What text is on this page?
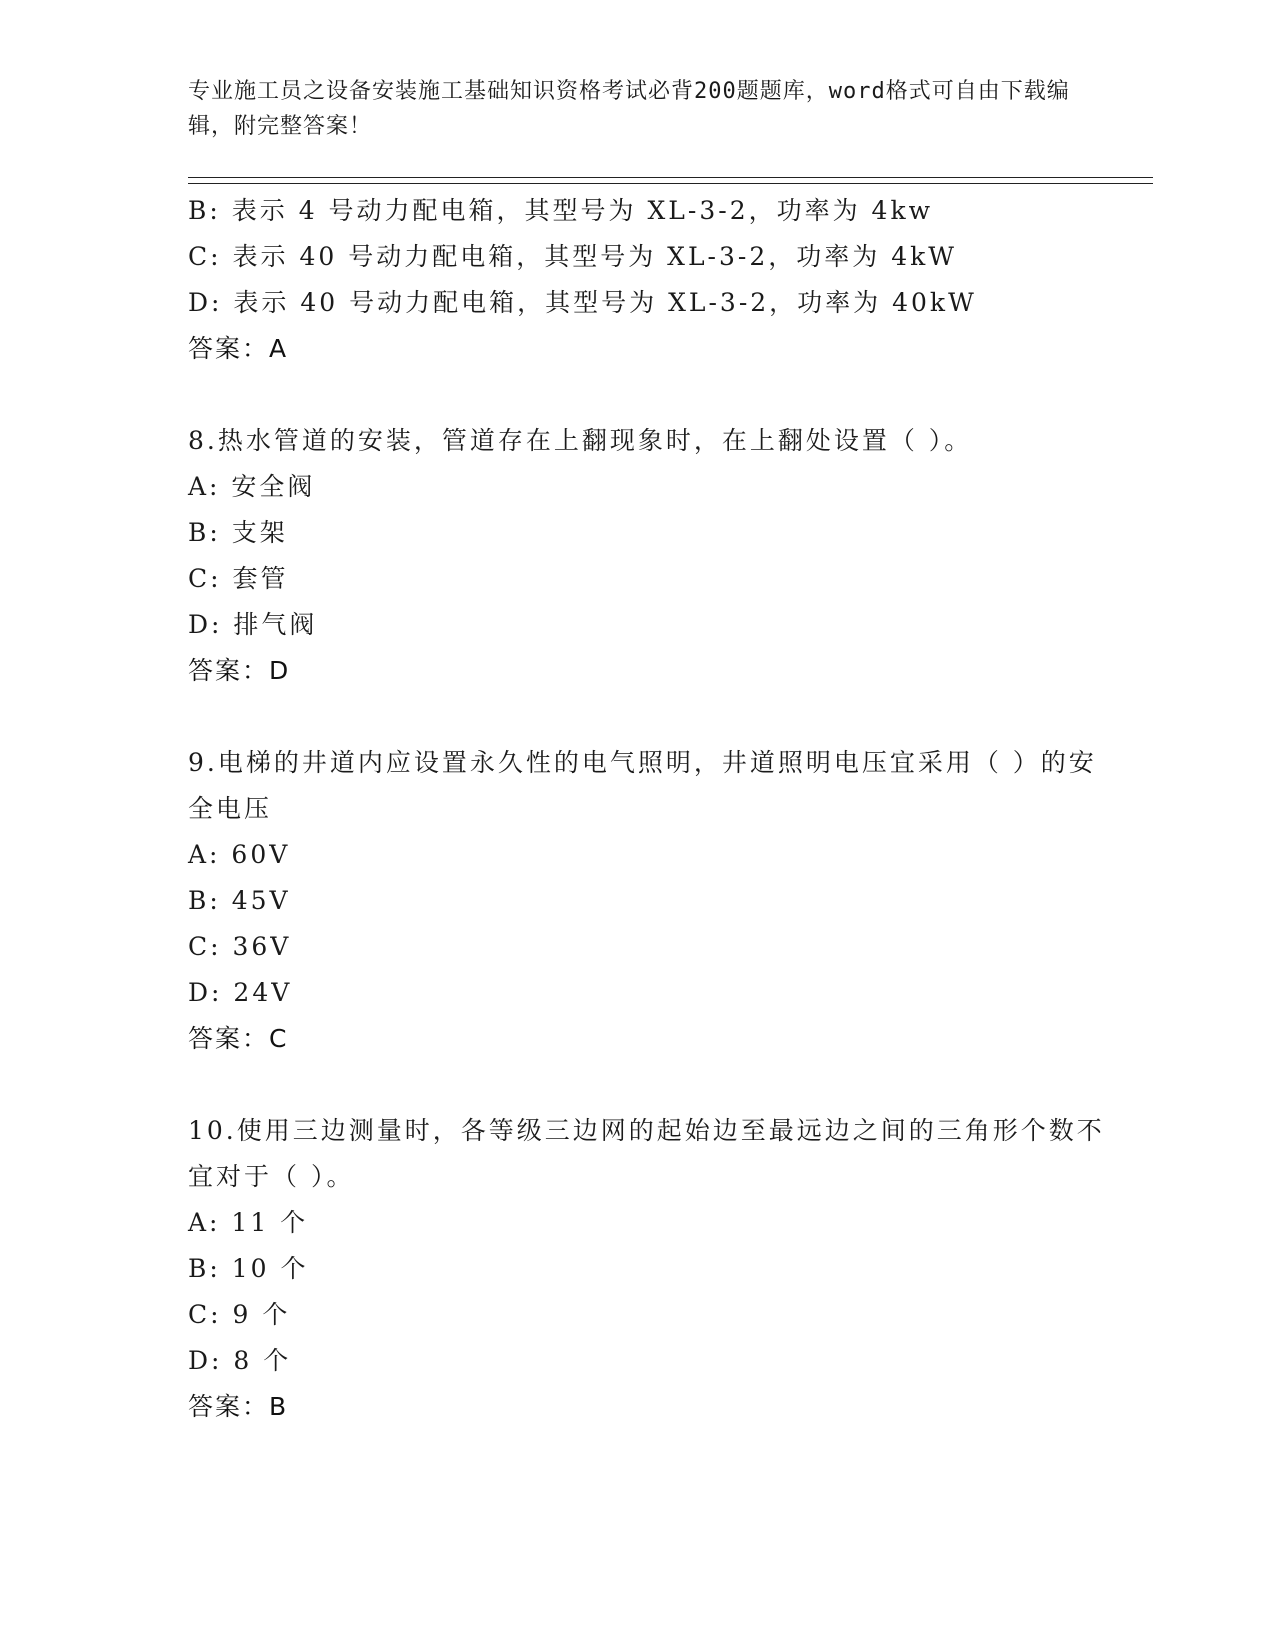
专业施工员之设备安装施工基础知识资格考试必背200题题库，word格式可自由下载编辑，附完整答案！
B: 表示 4 号动力配电箱，其型号为 XL-3-2，功率为 4kw
C: 表示 40 号动力配电箱，其型号为 XL-3-2，功率为 4kW
D: 表示 40 号动力配电箱，其型号为 XL-3-2，功率为 40kW
答案：A
8.热水管道的安装，管道存在上翻现象时，在上翻处设置（ ）。
A: 安全阀
B: 支架
C: 套管
D: 排气阀
答案：D
9.电梯的井道内应设置永久性的电气照明，井道照明电压宜采用（ ）的安全电压
A: 60V
B: 45V
C: 36V
D: 24V
答案：C
10.使用三边测量时，各等级三边网的起始边至最远边之间的三角形个数不宜对于（ ）。
A: 11 个
B: 10 个
C: 9 个
D: 8 个
答案：B
